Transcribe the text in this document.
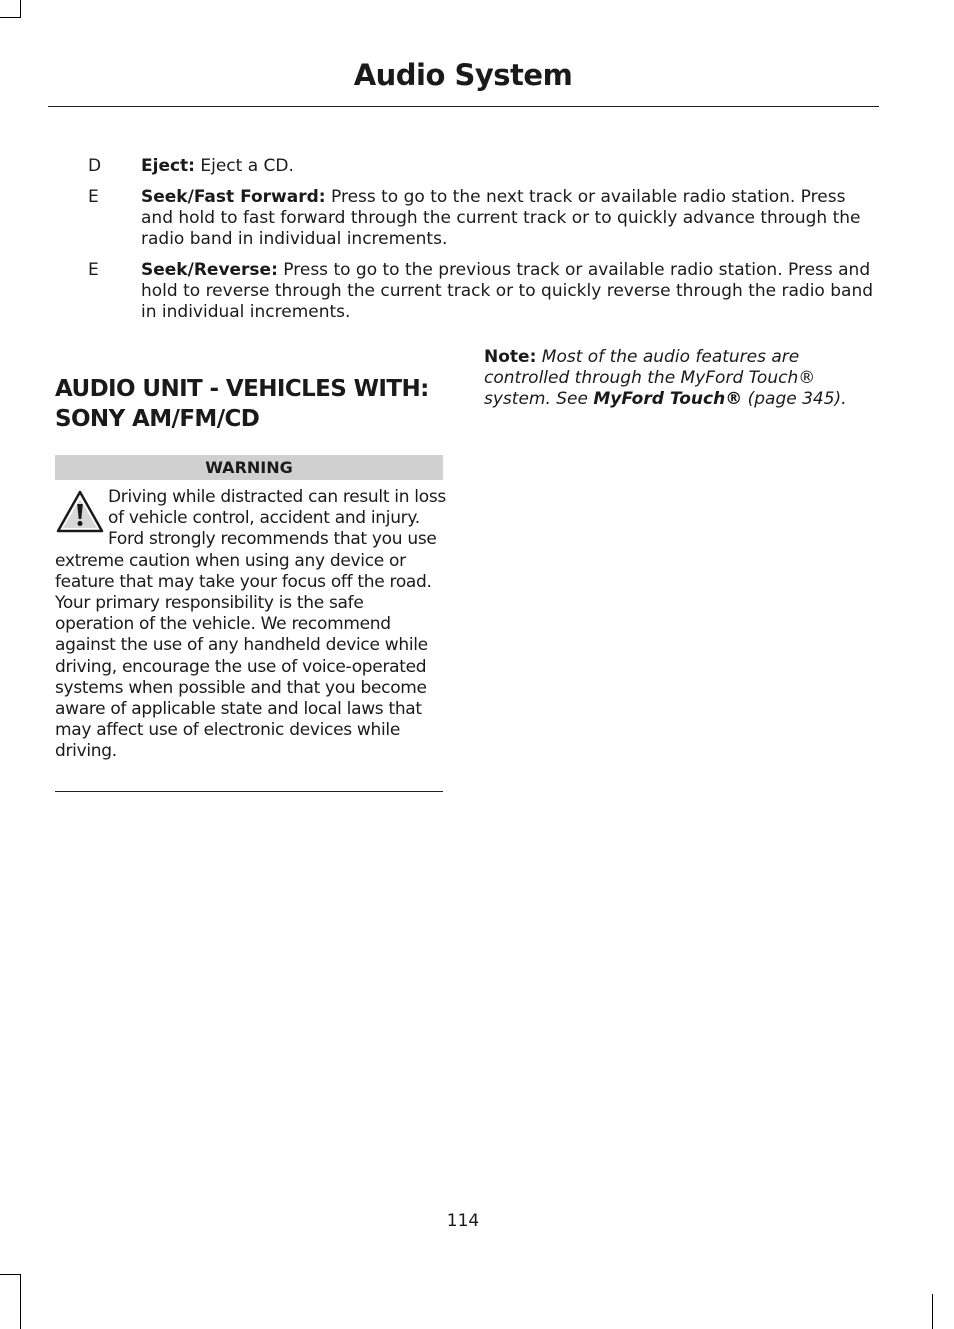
Audio System
D Eject: Eject a CD.
E Seek/Fast Forward: Press to go to the next track or available radio station. Press and hold to fast forward through the current track or to quickly advance through the radio band in individual increments.
E Seek/Reverse: Press to go to the previous track or available radio station. Press and hold to reverse through the current track or to quickly reverse through the radio band in individual increments.
AUDIO UNIT - VEHICLES WITH: SONY AM/FM/CD
WARNING
Driving while distracted can result in loss of vehicle control, accident and injury. Ford strongly recommends that you use extreme caution when using any device or feature that may take your focus off the road. Your primary responsibility is the safe operation of the vehicle. We recommend against the use of any handheld device while driving, encourage the use of voice-operated systems when possible and that you become aware of applicable state and local laws that may affect use of electronic devices while driving.
Note: Most of the audio features are controlled through the MyFord Touch® system. See MyFord Touch® (page 345).
114
